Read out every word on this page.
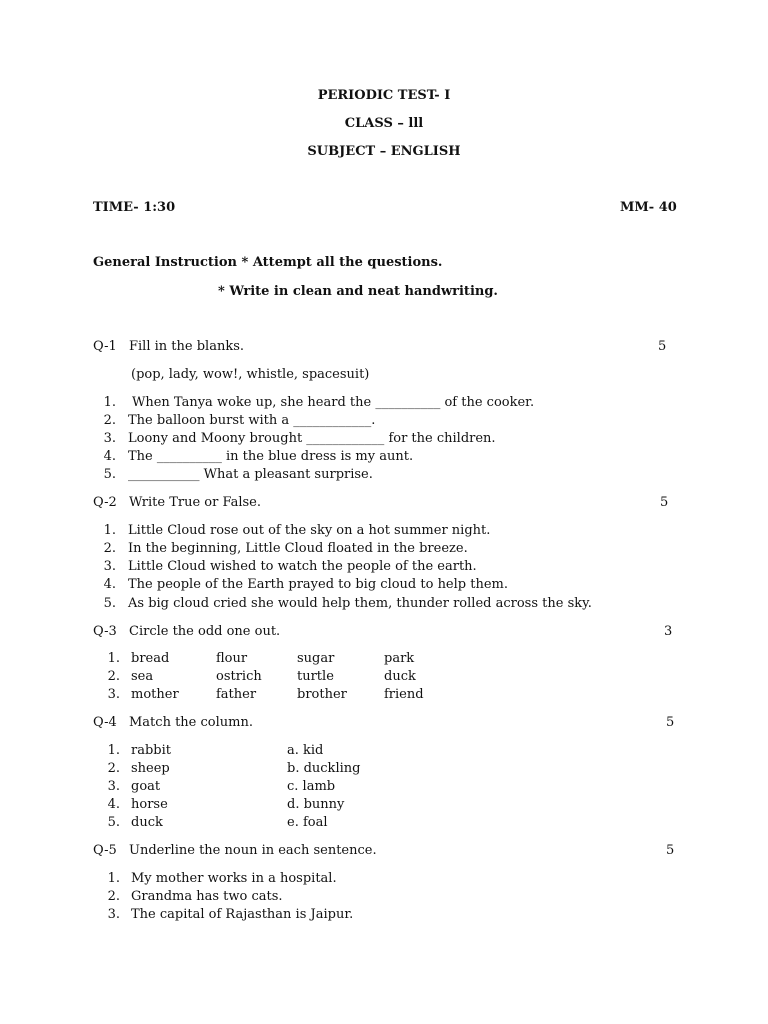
PERIODIC TEST- I
CLASS – lll
SUBJECT – ENGLISH
TIME- 1:30	MM- 40
General Instruction * Attempt all the questions.
* Write in clean and neat handwriting.
Q-1 Fill in the blanks.	5
(pop, lady, wow!, whistle, spacesuit)
1. When Tanya woke up, she heard the __________ of the cooker.
2. The balloon burst with a ____________.
3. Loony and Moony brought ____________ for the children.
4. The __________ in the blue dress is my aunt.
5. ___________ What a pleasant surprise.
Q-2 Write True or False.	5
1. Little Cloud rose out of the sky on a hot summer night.
2. In the beginning, Little Cloud floated in the breeze.
3. Little Cloud wished to watch the people of the earth.
4. The people of the Earth prayed to big cloud to help them.
5. As big cloud cried she would help them, thunder rolled across the sky.
Q-3 Circle the odd one out.	3
1. bread	flour	sugar	park
2. sea	ostrich	turtle	duck
3. mother	father	brother	friend
Q-4 Match the column.	5
1. rabbit	a. kid
2. sheep	b. duckling
3. goat	c. lamb
4. horse	d. bunny
5. duck	e. foal
Q-5 Underline the noun in each sentence.	5
1. My mother works in a hospital.
2. Grandma has two cats.
3. The capital of Rajasthan is Jaipur.
